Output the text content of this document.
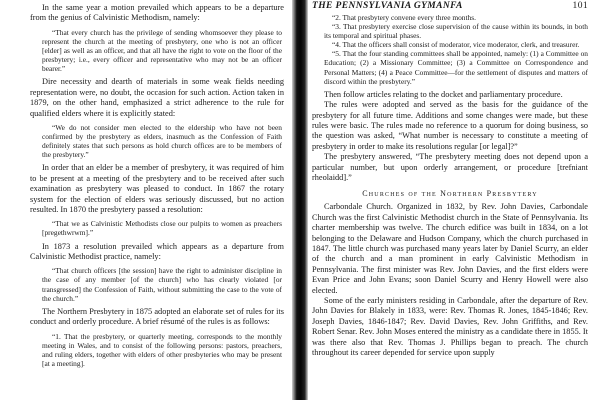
In the same year a motion prevailed which appears to be a departure from the genius of Calvinistic Methodism, namely:

“That every church has the privilege of sending whomsoever they please to represent the church at the meeting of presbytery, one who is not an officer [elder] as well as an officer, and that all have the right to vote on the floor of the presbytery; i.e., every officer and representative who may not be an officer bearer.”

Dire necessity and dearth of materials in some weak fields needing representation were, no doubt, the occasion for such action. Action taken in 1879, on the other hand, emphasized a strict adherence to the rule for qualified elders where it is explicitly stated:

“We do not consider men elected to the eldership who have not been confirmed by the presbytery as elders, inasmuch as the Confession of Faith definitely states that such persons as hold church offices are to be members of the presbytery.”

In order that an elder be a member of presbytery, it was required of him to be present at a meeting of the presbytery and to be received after such examination as presbytery was pleased to conduct. In 1867 the rotary system for the election of elders was seriously discussed, but no action resulted. In 1870 the presbytery passed a resolution:

“That we as Calvinistic Methodists close our pulpits to women as preachers [pregethwrwm].”

In 1873 a resolution prevailed which appears as a departure from Calvinistic Methodist practice, namely:

“That church officers [the session] have the right to administer discipline in the case of any member [of the church] who has clearly violated [or transgressed] the Confession of Faith, without submitting the case to the vote of the church.”

The Northern Presbytery in 1875 adopted an elaborate set of rules for its conduct and orderly procedure. A brief résumé of the rules is as follows:

“1. That the presbytery, or quarterly meeting, corresponds to the monthly meeting in Wales, and to consist of the following persons: pastors, preachers, and ruling elders, together with elders of other presbyteries who may be present [at a meeting].

THE PENNSYLVANIA GYMANFA	101

“2. That presbytery convene every three months.

“3. That presbytery exercise close supervision of the cause within its bounds, in both its temporal and spiritual phases.

“4. That the officers shall consist of moderator, vice moderator, clerk, and treasurer.

“5. That the four standing committees shall be appointed, namely: (1) a Committee on Education; (2) a Missionary Committee; (3) a Committee on Correspondence and Personal Matters; (4) a Peace Committee—for the settlement of disputes and matters of discord within the presbytery.”

Then follow articles relating to the docket and parliamentary procedure.

The rules were adopted and served as the basis for the guidance of the presbytery for all future time. Additions and some changes were made, but these rules were basic. The rules made no reference to a quorum for doing business, so the question was asked, “What number is necessary to constitute a meeting of presbytery in order to make its resolutions regular [or legal]?”

The presbytery answered, “The presbytery meeting does not depend upon a particular number, but upon orderly arrangement, or procedure [trefniant rheolaidd].”

Churches of the Northern Presbytery

Carbondale Church. Organized in 1832, by Rev. John Davies, Carbondale Church was the first Calvinistic Methodist church in the State of Pennsylvania. Its charter membership was twelve. The church edifice was built in 1834, on a lot belonging to the Delaware and Hudson Company, which the church purchased in 1847. The little church was purchased many years later by Daniel Scurry, an elder of the church and a man prominent in early Calvinistic Methodism in Pennsylvania. The first minister was Rev. John Davies, and the first elders were Evan Price and John Evans; soon Daniel Scurry and Henry Howell were also elected.

Some of the early ministers residing in Carbondale, after the departure of Rev. John Davies for Blakely in 1833, were: Rev. Thomas R. Jones, 1845-1846; Rev. Joseph Davies, 1846-1847; Rev. David Davies, Rev. John Griffiths, and Rev. Robert Senar. Rev. John Moses entered the ministry as a candidate there in 1855. It was there also that Rev. Thomas J. Phillips began to preach. The church throughout its career depended for service upon supply
